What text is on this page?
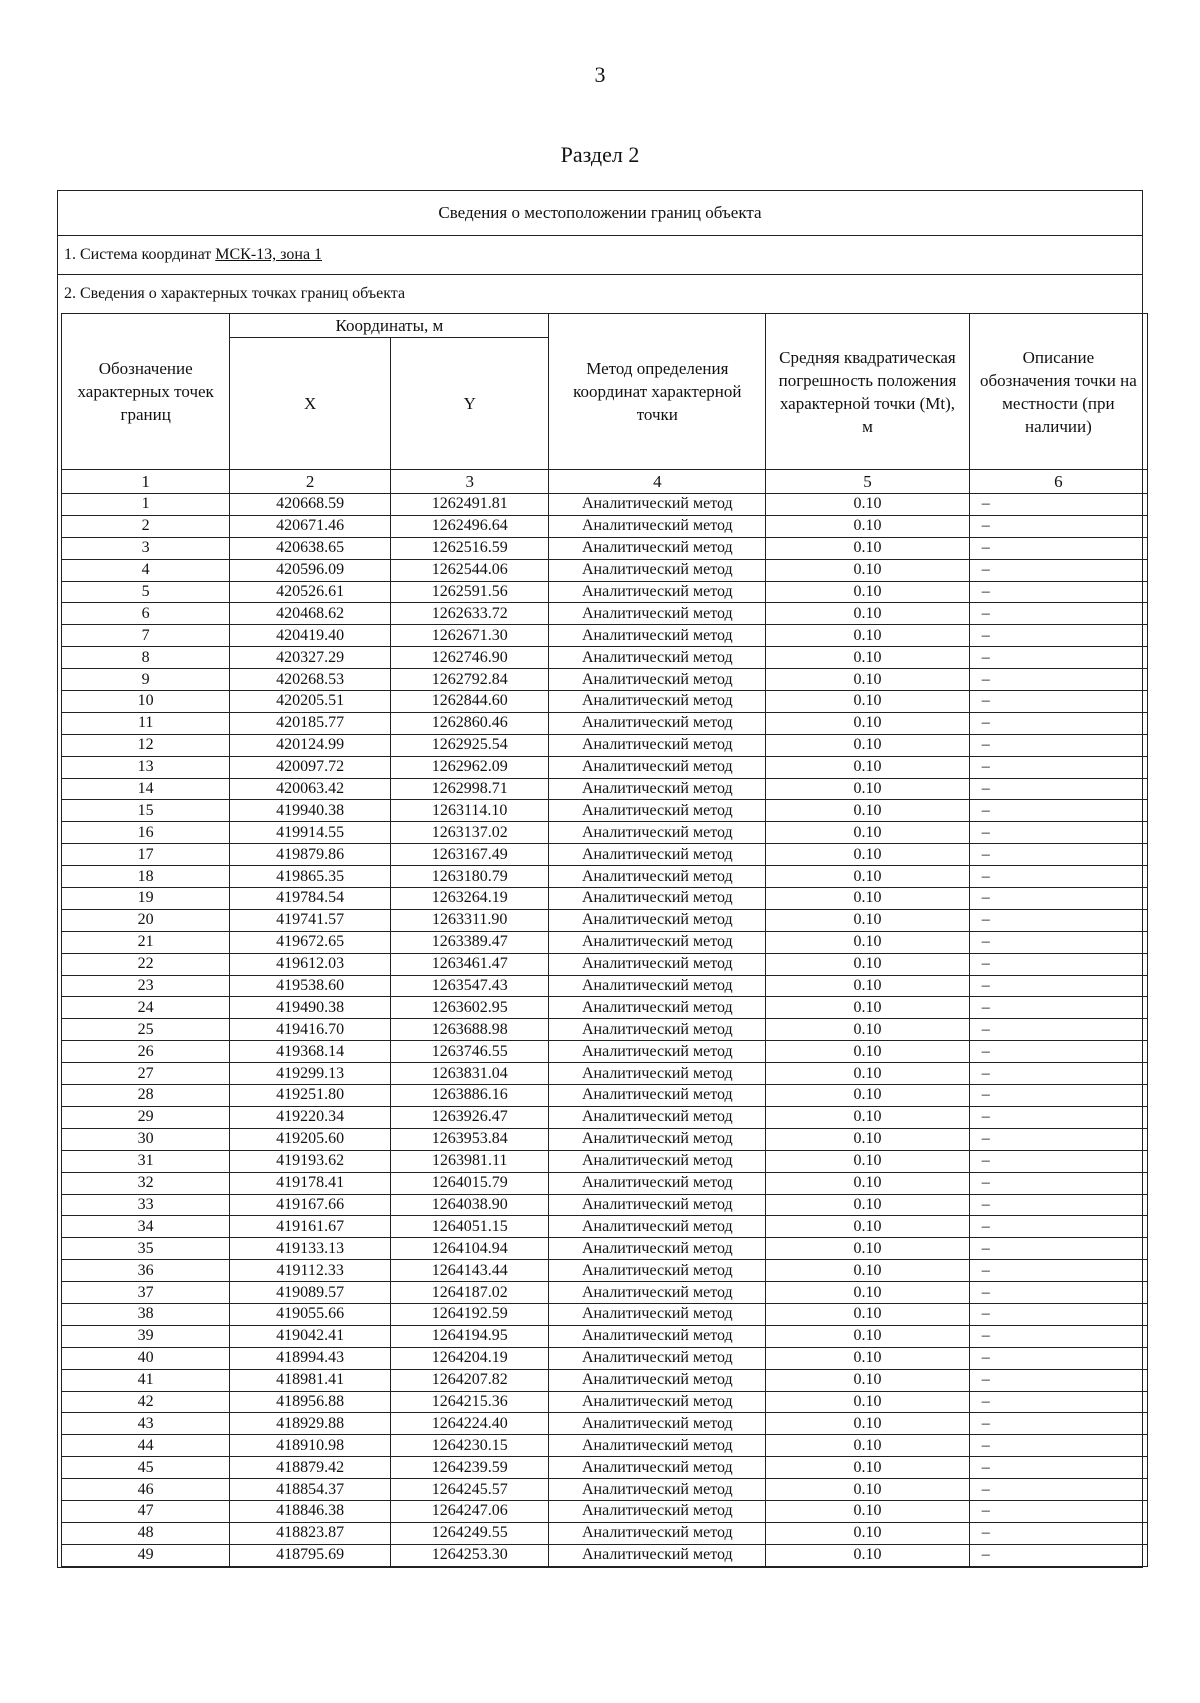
3
Раздел 2
Сведения о местоположении границ объекта
1. Система координат МСК-13, зона 1
2. Сведения о характерных точках границ объекта
Обозначение характерных точек границ	Координаты, м		Метод определения координат характерной точки	Средняя квадратическая погрешность положения характерной точки (Mt), м	Описание обозначения точки на местности (при наличии)
	X	Y			
1	2	3	4	5	6
1	420668.59	1262491.81	Аналитический метод	0.10	–
2	420671.46	1262496.64	Аналитический метод	0.10	–
3	420638.65	1262516.59	Аналитический метод	0.10	–
4	420596.09	1262544.06	Аналитический метод	0.10	–
5	420526.61	1262591.56	Аналитический метод	0.10	–
6	420468.62	1262633.72	Аналитический метод	0.10	–
7	420419.40	1262671.30	Аналитический метод	0.10	–
8	420327.29	1262746.90	Аналитический метод	0.10	–
9	420268.53	1262792.84	Аналитический метод	0.10	–
10	420205.51	1262844.60	Аналитический метод	0.10	–
11	420185.77	1262860.46	Аналитический метод	0.10	–
12	420124.99	1262925.54	Аналитический метод	0.10	–
13	420097.72	1262962.09	Аналитический метод	0.10	–
14	420063.42	1262998.71	Аналитический метод	0.10	–
15	419940.38	1263114.10	Аналитический метод	0.10	–
16	419914.55	1263137.02	Аналитический метод	0.10	–
17	419879.86	1263167.49	Аналитический метод	0.10	–
18	419865.35	1263180.79	Аналитический метод	0.10	–
19	419784.54	1263264.19	Аналитический метод	0.10	–
20	419741.57	1263311.90	Аналитический метод	0.10	–
21	419672.65	1263389.47	Аналитический метод	0.10	–
22	419612.03	1263461.47	Аналитический метод	0.10	–
23	419538.60	1263547.43	Аналитический метод	0.10	–
24	419490.38	1263602.95	Аналитический метод	0.10	–
25	419416.70	1263688.98	Аналитический метод	0.10	–
26	419368.14	1263746.55	Аналитический метод	0.10	–
27	419299.13	1263831.04	Аналитический метод	0.10	–
28	419251.80	1263886.16	Аналитический метод	0.10	–
29	419220.34	1263926.47	Аналитический метод	0.10	–
30	419205.60	1263953.84	Аналитический метод	0.10	–
31	419193.62	1263981.11	Аналитический метод	0.10	–
32	419178.41	1264015.79	Аналитический метод	0.10	–
33	419167.66	1264038.90	Аналитический метод	0.10	–
34	419161.67	1264051.15	Аналитический метод	0.10	–
35	419133.13	1264104.94	Аналитический метод	0.10	–
36	419112.33	1264143.44	Аналитический метод	0.10	–
37	419089.57	1264187.02	Аналитический метод	0.10	–
38	419055.66	1264192.59	Аналитический метод	0.10	–
39	419042.41	1264194.95	Аналитический метод	0.10	–
40	418994.43	1264204.19	Аналитический метод	0.10	–
41	418981.41	1264207.82	Аналитический метод	0.10	–
42	418956.88	1264215.36	Аналитический метод	0.10	–
43	418929.88	1264224.40	Аналитический метод	0.10	–
44	418910.98	1264230.15	Аналитический метод	0.10	–
45	418879.42	1264239.59	Аналитический метод	0.10	–
46	418854.37	1264245.57	Аналитический метод	0.10	–
47	418846.38	1264247.06	Аналитический метод	0.10	–
48	418823.87	1264249.55	Аналитический метод	0.10	–
49	418795.69	1264253.30	Аналитический метод	0.10	–
